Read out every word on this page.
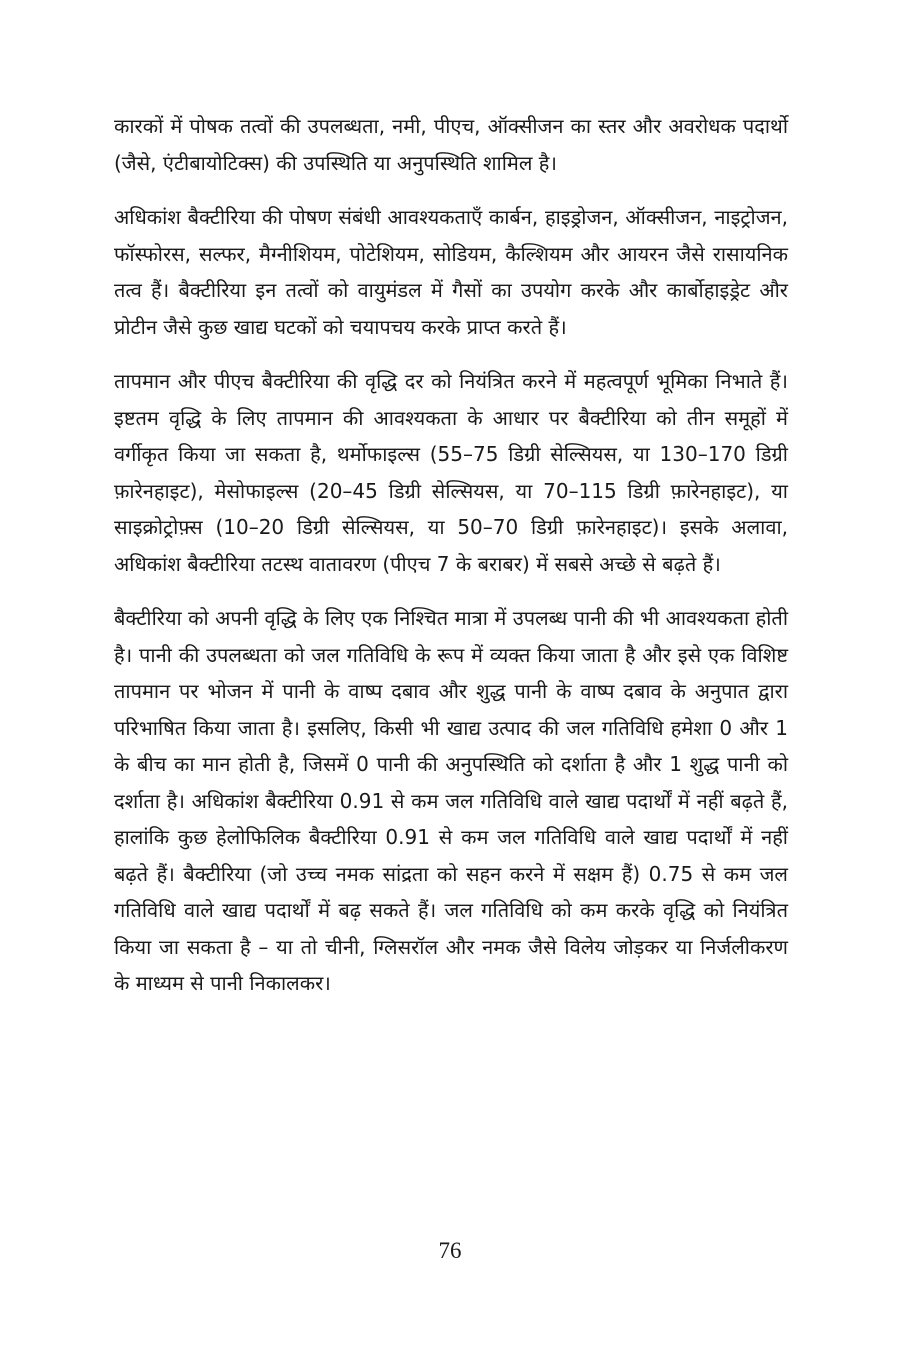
कारकों में पोषक तत्वों की उपलब्धता, नमी, पीएच, ऑक्सीजन का स्तर और अवरोधक पदार्थो (जैसे, एंटीबायोटिक्स) की उपस्थिति या अनुपस्थिति शामिल है।

अधिकांश बैक्टीरिया की पोषण संबंधी आवश्यकताएँ कार्बन, हाइड्रोजन, ऑक्सीजन, नाइट्रोजन, फॉस्फोरस, सल्फर, मैग्नीशियम, पोटेशियम, सोडियम, कैल्शियम और आयरन जैसे रासायनिक तत्व हैं। बैक्टीरिया इन तत्वों को वायुमंडल में गैसों का उपयोग करके और कार्बोहाइड्रेट और प्रोटीन जैसे कुछ खाद्य घटकों को चयापचय करके प्राप्त करते हैं।

तापमान और पीएच बैक्टीरिया की वृद्धि दर को नियंत्रित करने में महत्वपूर्ण भूमिका निभाते हैं। इष्टतम वृद्धि के लिए तापमान की आवश्यकता के आधार पर बैक्टीरिया को तीन समूहों में वर्गीकृत किया जा सकता है, थर्मोफाइल्स (55–75 डिग्री सेल्सियस, या 130–170 डिग्री फ़ारेनहाइट), मेसोफाइल्स (20–45 डिग्री सेल्सियस, या 70–115 डिग्री फ़ारेनहाइट), या साइक्रोट्रोफ़्स (10–20 डिग्री सेल्सियस, या 50–70 डिग्री फ़ारेनहाइट)। इसके अलावा, अधिकांश बैक्टीरिया तटस्थ वातावरण (पीएच 7 के बराबर) में सबसे अच्छे से बढ़ते हैं।

बैक्टीरिया को अपनी वृद्धि के लिए एक निश्चित मात्रा में उपलब्ध पानी की भी आवश्यकता होती है। पानी की उपलब्धता को जल गतिविधि के रूप में व्यक्त किया जाता है और इसे एक विशिष्ट तापमान पर भोजन में पानी के वाष्प दबाव और शुद्ध पानी के वाष्प दबाव के अनुपात द्वारा परिभाषित किया जाता है। इसलिए, किसी भी खाद्य उत्पाद की जल गतिविधि हमेशा 0 और 1 के बीच का मान होती है, जिसमें 0 पानी की अनुपस्थिति को दर्शाता है और 1 शुद्ध पानी को दर्शाता है। अधिकांश बैक्टीरिया 0.91 से कम जल गतिविधि वाले खाद्य पदार्थों में नहीं बढ़ते हैं, हालांकि कुछ हेलोफिलिक बैक्टीरिया 0.91 से कम जल गतिविधि वाले खाद्य पदार्थों में नहीं बढ़ते हैं। बैक्टीरिया (जो उच्च नमक सांद्रता को सहन करने में सक्षम हैं) 0.75 से कम जल गतिविधि वाले खाद्य पदार्थों में बढ़ सकते हैं। जल गतिविधि को कम करके वृद्धि को नियंत्रित किया जा सकता है – या तो चीनी, ग्लिसरॉल और नमक जैसे विलेय जोड़कर या निर्जलीकरण के माध्यम से पानी निकालकर।

76
